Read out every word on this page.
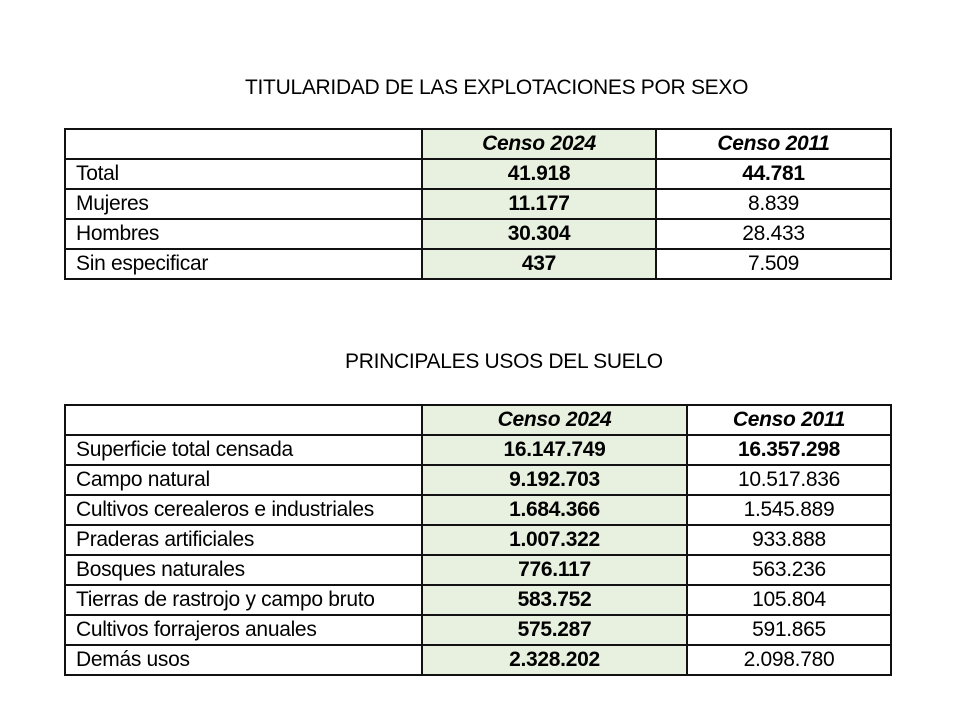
TITULARIDAD DE LAS EXPLOTACIONES POR SEXO
	Censo 2024	Censo 2011
Total	41.918	44.781
Mujeres	11.177	8.839
Hombres	30.304	28.433
Sin especificar	437	7.509
PRINCIPALES USOS DEL SUELO
	Censo 2024	Censo 2011
Superficie total censada	16.147.749	16.357.298
Campo natural	9.192.703	10.517.836
Cultivos cerealeros e industriales	1.684.366	1.545.889
Praderas artificiales	1.007.322	933.888
Bosques naturales	776.117	563.236
Tierras de rastrojo y campo bruto	583.752	105.804
Cultivos forrajeros anuales	575.287	591.865
Demás usos	2.328.202	2.098.780
